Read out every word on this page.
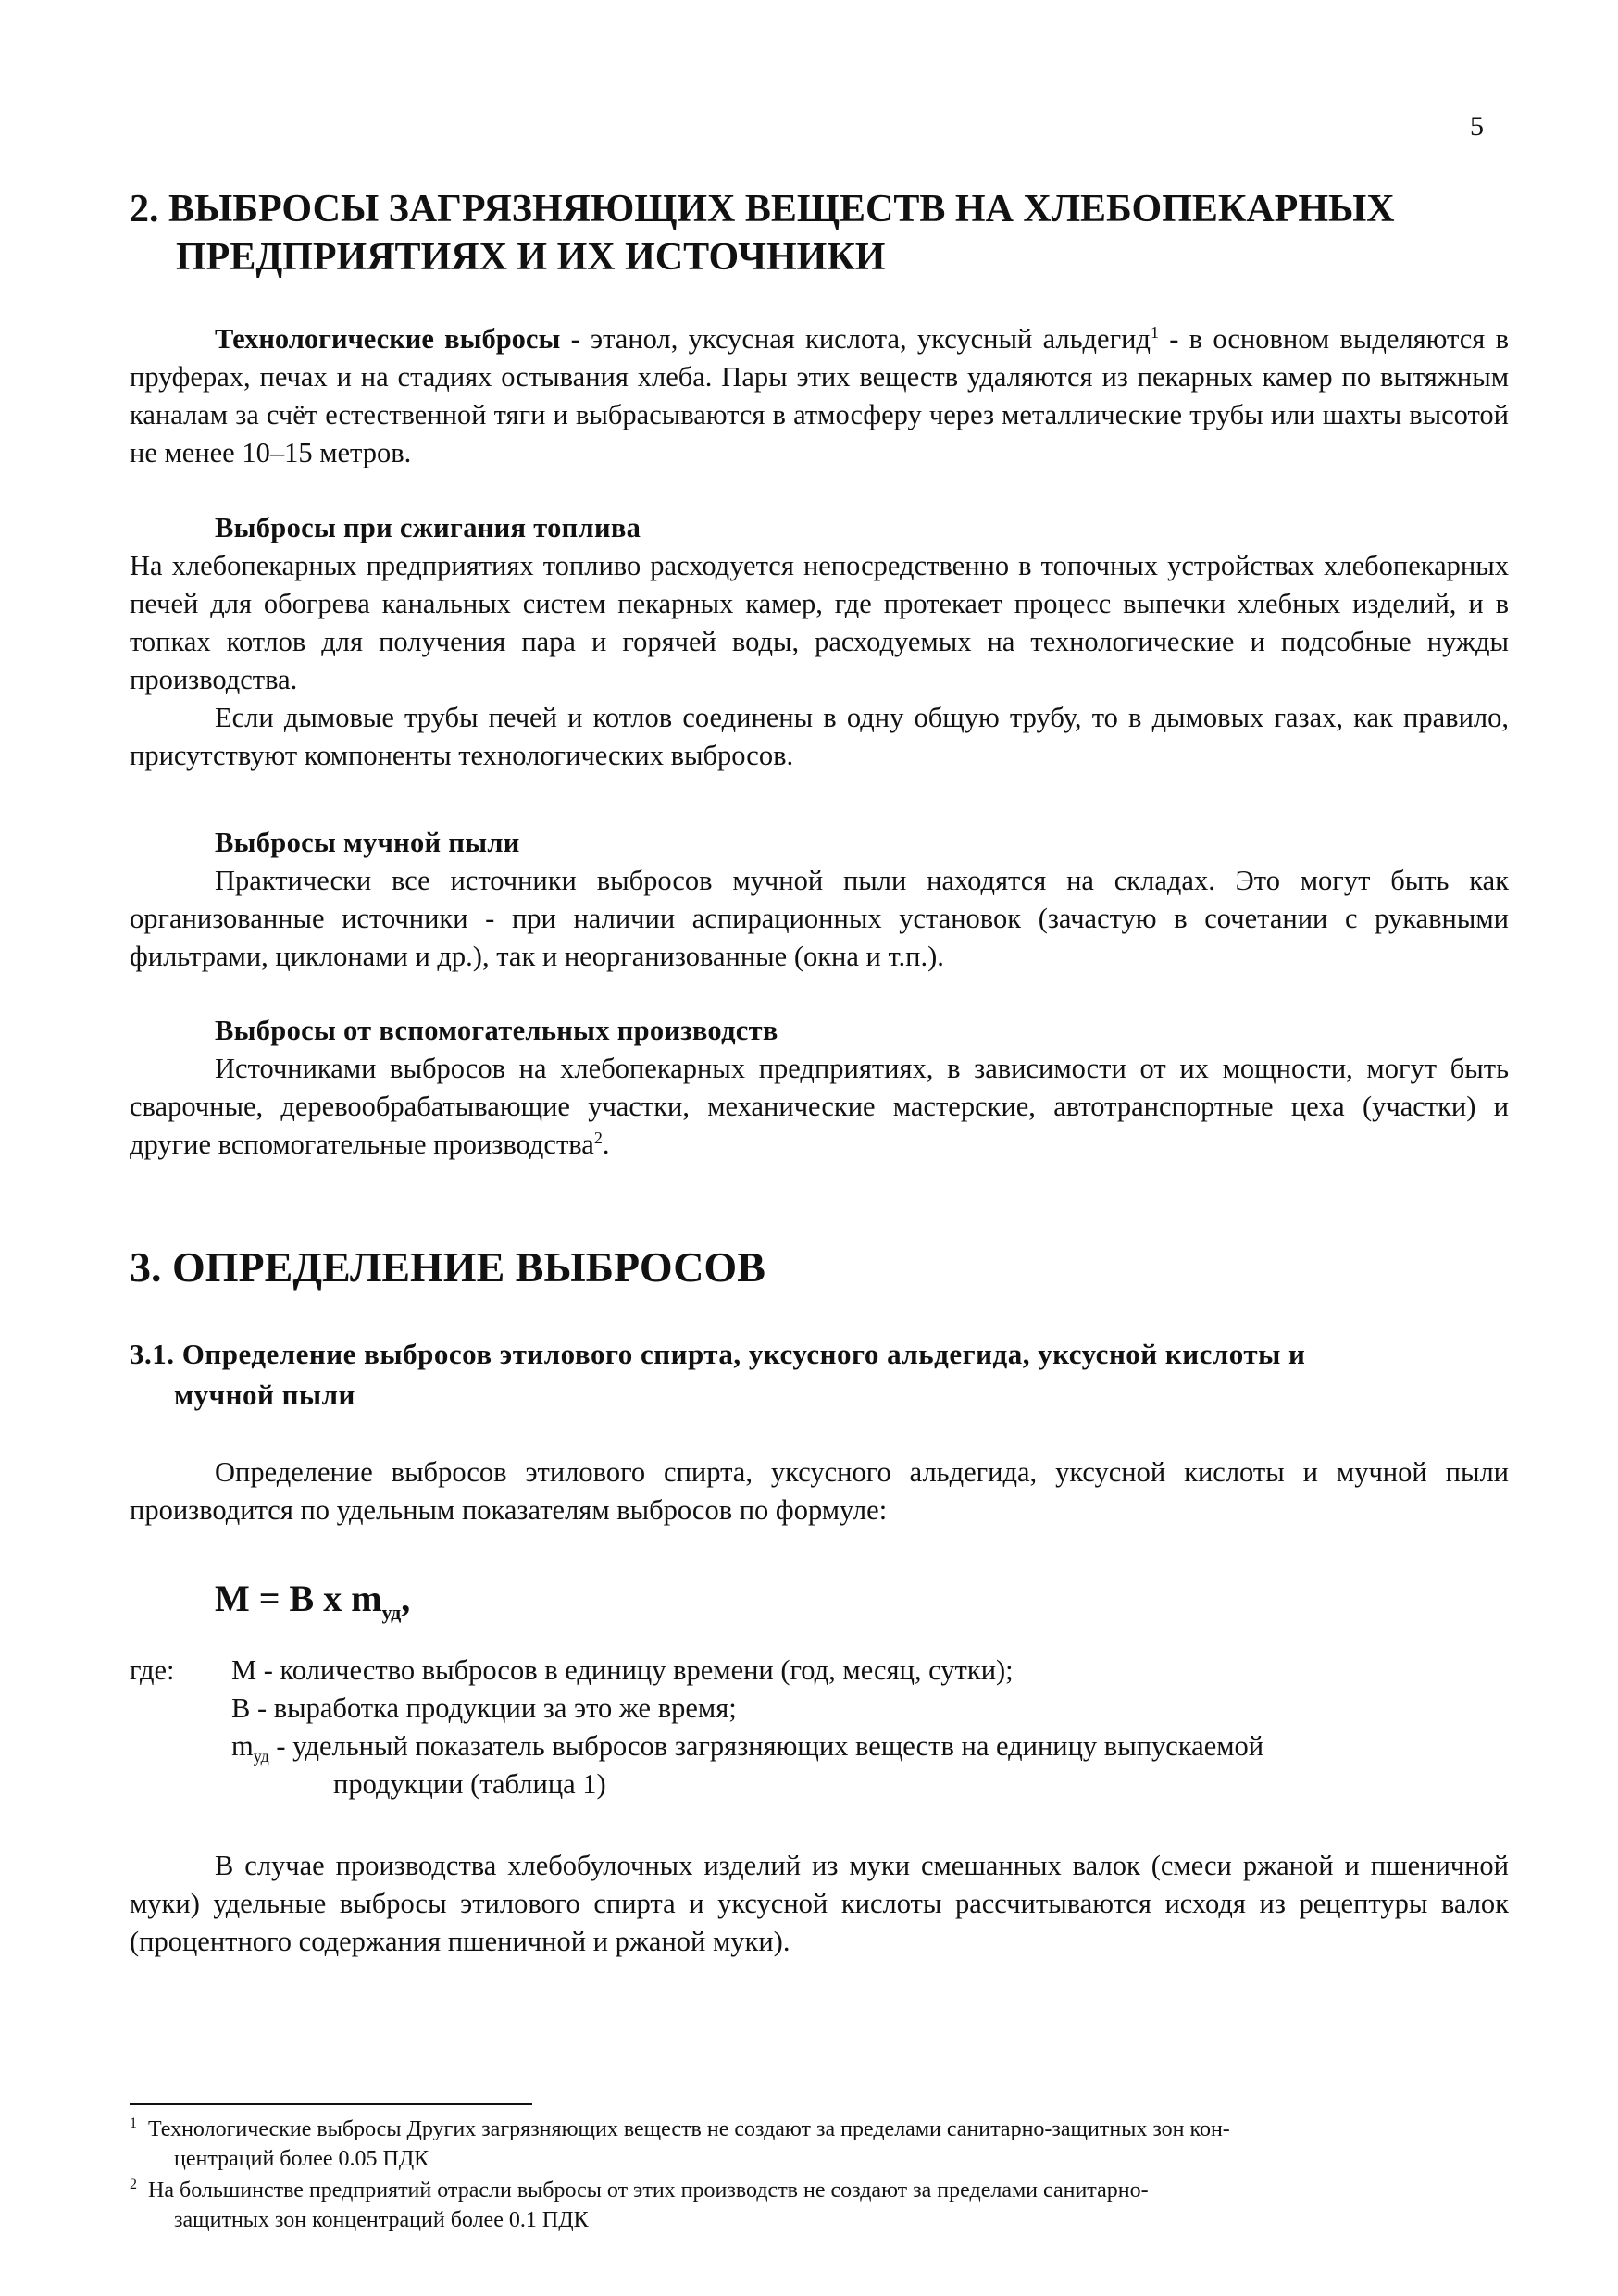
5
2. ВЫБРОСЫ ЗАГРЯЗНЯЮЩИХ ВЕЩЕСТВ НА ХЛЕБОПЕКАРНЫХ
ПРЕДПРИЯТИЯХ И ИХ ИСТОЧНИКИ

Технологические выбросы - этанол, уксусная кислота, уксусный альдегид$^1$ - в основном выделяются в пруферах, печах и на стадиях остывания хлеба. Пары этих веществ удаляются из пекарных камер по вытяжным каналам за счёт естественной тяги и выбрасываются в атмосферу через металлические трубы или шахты высотой не менее 10–15 метров.

Выбросы при сжигания топлива

На хлебопекарных предприятиях топливо расходуется непосредственно в топочных устройствах хлебопекарных печей для обогрева канальных систем пекарных камер, где протекает процесс выпечки хлебных изделий, и в топках котлов для получения пара и горячей воды, расходуемых на технологические и подсобные нужды производства.

Если дымовые трубы печей и котлов соединены в одну общую трубу, то в дымовых газах, как правило, присутствуют компоненты технологических выбросов.

Выбросы мучной пыли

Практически все источники выбросов мучной пыли находятся на складах. Это могут быть как организованные источники - при наличии аспирационных установок (зачастую в сочетании с рукавными фильтрами, циклонами и др.), так и неорганизованные (окна и т.п.).

Выбросы от вспомогательных производств

Источниками выбросов на хлебопекарных предприятиях, в зависимости от их мощности, могут быть сварочные, деревообрабатывающие участки, механические мастерские, автотранспортные цеха (участки) и другие вспомогательные производства$^2$.

3. ОПРЕДЕЛЕНИЕ ВЫБРОСОВ
3.1. Определение выбросов этилового спирта, уксусного альдегида, уксусной кислоты и
мучной пыли

Определение выбросов этилового спирта, уксусного альдегида, уксусной кислоты и мучной пыли производится по удельным показателям выбросов по формуле:

M = B x $m_{уд}$,

где: M - количество выбросов в единицу времени (год, месяц, сутки);
B - выработка продукции за это же время;
$m_{уд}$ - удельный показатель выбросов загрязняющих веществ на единицу выпускаемой
продукции (таблица 1)

В случае производства хлебобулочных изделий из муки смешанных валок (смеси ржаной и пшеничной муки) удельные выбросы этилового спирта и уксусной кислоты рассчитываются исходя из рецептуры валок (процентного содержания пшеничной и ржаной муки).

1 Технологические выбросы Других загрязняющих веществ не создают за пределами санитарно-защитных зон кон-
центраций более 0.05 ПДК

2 На большинстве предприятий отрасли выбросы от этих производств не создают за пределами санитарно-
защитных зон концентраций более 0.1 ПДК
